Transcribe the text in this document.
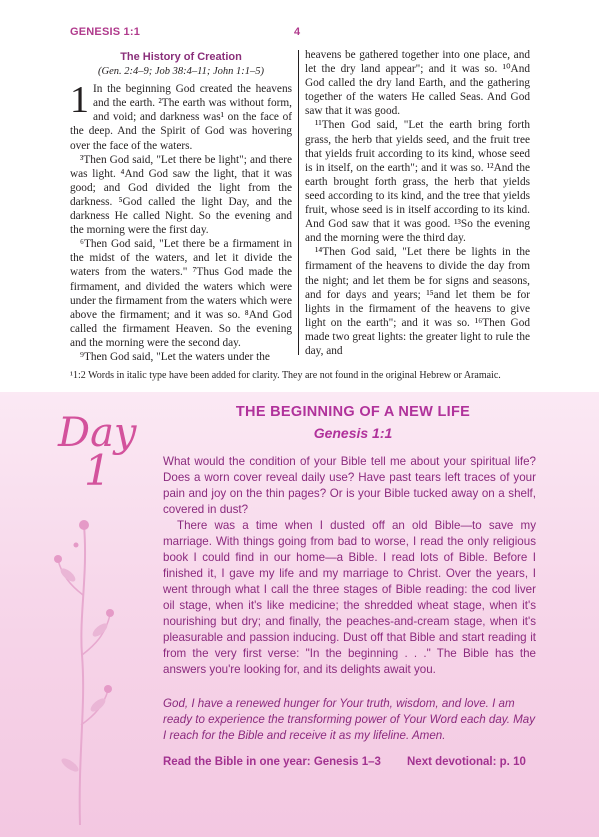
GENESIS 1:1	4
The History of Creation
(Gen. 2:4–9; Job 38:4–11; John 1:1–5)
1 In the beginning God created the heavens and the earth. ²The earth was without form, and void; and darkness was¹ on the face of the deep. And the Spirit of God was hovering over the face of the waters.

³Then God said, "Let there be light"; and there was light. ⁴And God saw the light, that it was good; and God divided the light from the darkness. ⁵God called the light Day, and the darkness He called Night. So the evening and the morning were the first day.

⁶Then God said, "Let there be a firmament in the midst of the waters, and let it divide the waters from the waters." ⁷Thus God made the firmament, and divided the waters which were under the firmament from the waters which were above the firmament; and it was so. ⁸And God called the firmament Heaven. So the evening and the morning were the second day.

⁹Then God said, "Let the waters under the

heavens be gathered together into one place, and let the dry land appear"; and it was so. ¹⁰And God called the dry land Earth, and the gathering together of the waters He called Seas. And God saw that it was good.

¹¹Then God said, "Let the earth bring forth grass, the herb that yields seed, and the fruit tree that yields fruit according to its kind, whose seed is in itself, on the earth"; and it was so. ¹²And the earth brought forth grass, the herb that yields seed according to its kind, and the tree that yields fruit, whose seed is in itself according to its kind. And God saw that it was good. ¹³So the evening and the morning were the third day.

¹⁴Then God said, "Let there be lights in the firmament of the heavens to divide the day from the night; and let them be for signs and seasons, and for days and years; ¹⁵and let them be for lights in the firmament of the heavens to give light on the earth"; and it was so. ¹⁶Then God made two great lights: the greater light to rule the day, and

¹1:2 Words in italic type have been added for clarity. They are not found in the original Hebrew or Aramaic.
Day
1
THE BEGINNING OF A NEW LIFE
Genesis 1:1

What would the condition of your Bible tell me about your spiritual life? Does a worn cover reveal daily use? Have past tears left traces of your pain and joy on the thin pages? Or is your Bible tucked away on a shelf, covered in dust?

There was a time when I dusted off an old Bible—to save my marriage. With things going from bad to worse, I read the only religious book I could find in our home—a Bible. I read lots of Bible. Before I finished it, I gave my life and my marriage to Christ. Over the years, I went through what I call the three stages of Bible reading: the cod liver oil stage, when it's like medicine; the shredded wheat stage, when it's nourishing but dry; and finally, the peaches-and-cream stage, when it's pleasurable and passion inducing. Dust off that Bible and start reading it from the very first verse: "In the beginning . . ." The Bible has the answers you're looking for, and its delights await you.

God, I have a renewed hunger for Your truth, wisdom, and love. I am ready to experience the transforming power of Your Word each day. May I reach for the Bible and receive it as my lifeline. Amen.
Read the Bible in one year: Genesis 1–3 Next devotional: p. 10
